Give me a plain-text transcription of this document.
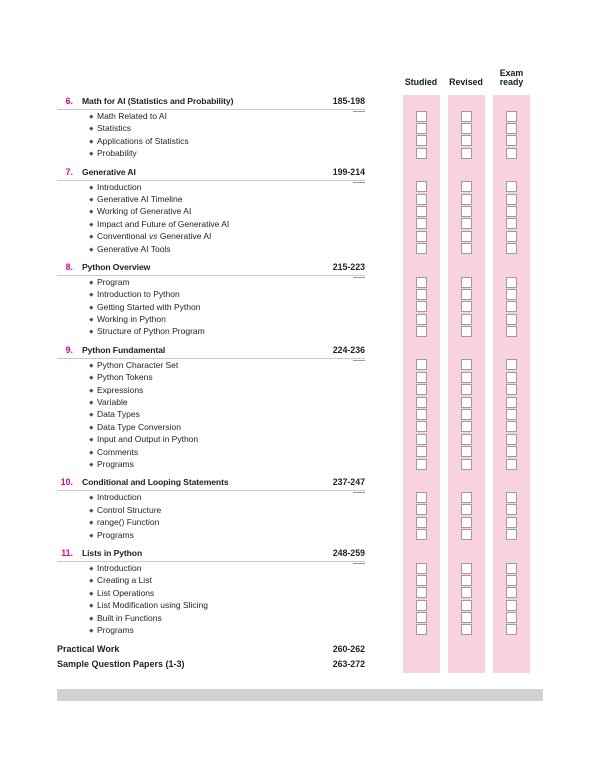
Studied	Revised
Exam ready
6. Math for AI (Statistics and Probability)	185-198
Math Related to AI
Statistics
Applications of Statistics
Probability
7. Generative AI	199-214
Introduction
Generative AI Timeline
Working of Generative AI
Impact and Future of Generative AI
Conventional vs Generative AI
Generative AI Tools
8. Python Overview	215-223
Program
Introduction to Python
Getting Started with Python
Working in Python
Structure of Python Program
9. Python Fundamental	224-236
Python Character Set
Python Tokens
Expressions
Variable
Data Types
Data Type Conversion
Input and Output in Python
Comments
Programs
10. Conditional and Looping Statements	237-247
Introduction
Control Structure
range() Function
Programs
11. Lists in Python	248-259
Introduction
Creating a List
List Operations
List Modification using Slicing
Built in Functions
Programs
Practical Work	260-262
Sample Question Papers (1-3)	263-272
